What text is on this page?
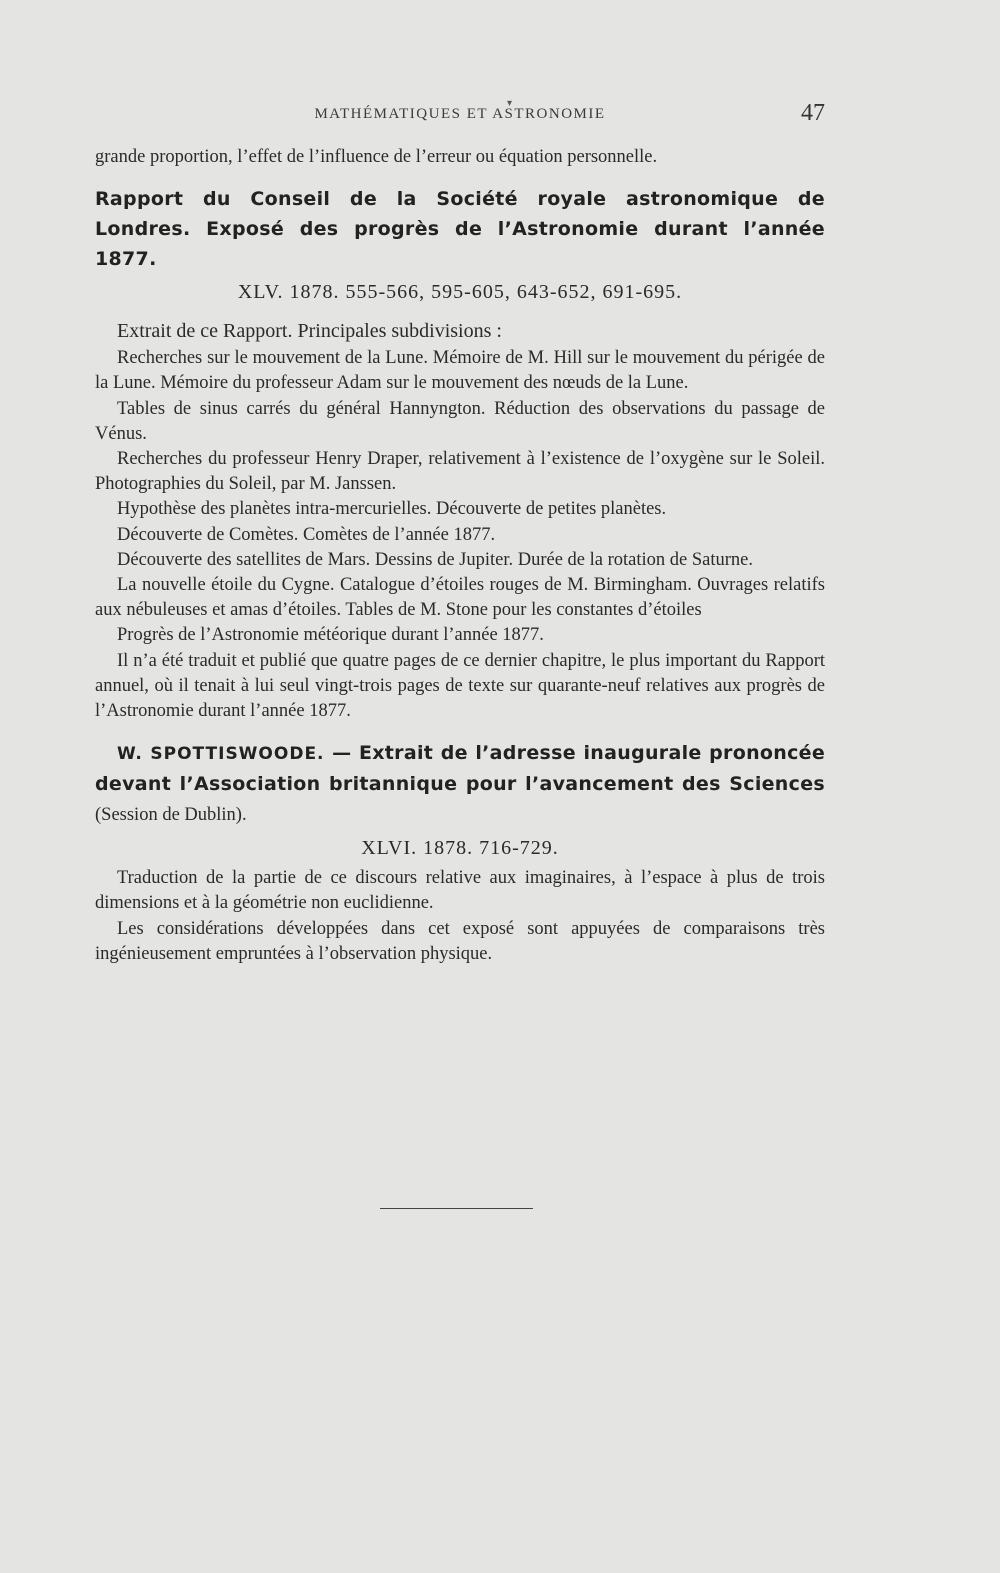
▾
MATHÉMATIQUES ET ASTRONOMIE	47

grande proportion, l’effet de l’influence de l’erreur ou équation personnelle.

Rapport du Conseil de la Société royale astronomique de Londres. Exposé des progrès de l’Astronomie durant l’année 1877.

XLV. 1878. 555-566, 595-605, 643-652, 691-695.

Extrait de ce Rapport. Principales subdivisions :

Recherches sur le mouvement de la Lune. Mémoire de M. Hill sur le mouvement du périgée de la Lune. Mémoire du professeur Adam sur le mouvement des nœuds de la Lune.

Tables de sinus carrés du général Hannyngton. Réduction des observations du passage de Vénus.

Recherches du professeur Henry Draper, relativement à l’existence de l’oxygène sur le Soleil. Photographies du Soleil, par M. Janssen.

Hypothèse des planètes intra-mercurielles. Découverte de petites planètes.

Découverte de Comètes. Comètes de l’année 1877.

Découverte des satellites de Mars. Dessins de Jupiter. Durée de la rotation de Saturne.

La nouvelle étoile du Cygne. Catalogue d’étoiles rouges de M. Birmingham. Ouvrages relatifs aux nébuleuses et amas d’étoiles. Tables de M. Stone pour les constantes d’étoiles

Progrès de l’Astronomie météorique durant l’année 1877.

Il n’a été traduit et publié que quatre pages de ce dernier chapitre, le plus important du Rapport annuel, où il tenait à lui seul vingt-trois pages de texte sur quarante-neuf relatives aux progrès de l’Astronomie durant l’année 1877.

W. SPOTTISWOODE. — Extrait de l’adresse inaugurale prononcée devant l’Association britannique pour l’avancement des Sciences (Session de Dublin).

XLVI. 1878. 716-729.

Traduction de la partie de ce discours relative aux imaginaires, à l’espace à plus de trois dimensions et à la géométrie non euclidienne.

Les considérations développées dans cet exposé sont appuyées de comparaisons très ingénieusement empruntées à l’observation physique.
